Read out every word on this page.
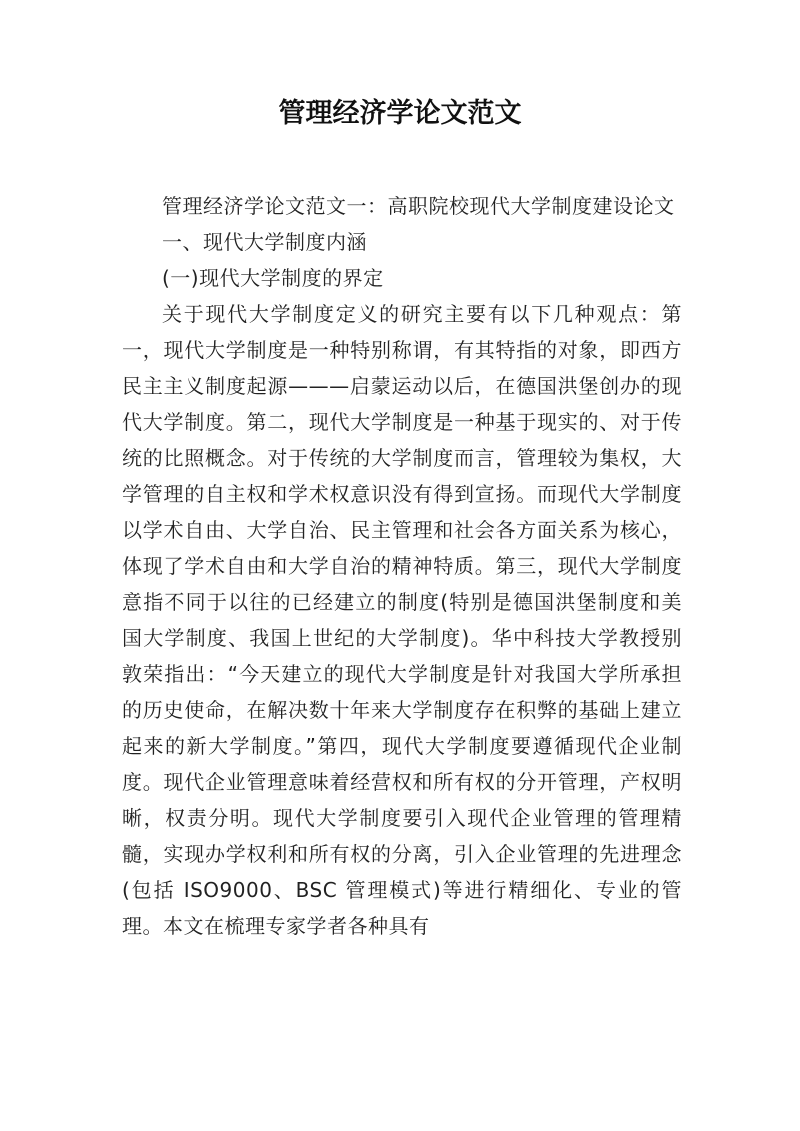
管理经济学论文范文

管理经济学论文范文一：高职院校现代大学制度建设论文

一、现代大学制度内涵

(一)现代大学制度的界定

关于现代大学制度定义的研究主要有以下几种观点：第一，现代大学制度是一种特别称谓，有其特指的对象，即西方民主主义制度起源———启蒙运动以后，在德国洪堡创办的现代大学制度。第二，现代大学制度是一种基于现实的、对于传统的比照概念。对于传统的大学制度而言，管理较为集权，大学管理的自主权和学术权意识没有得到宣扬。而现代大学制度以学术自由、大学自治、民主管理和社会各方面关系为核心，体现了学术自由和大学自治的精神特质。第三，现代大学制度意指不同于以往的已经建立的制度(特别是德国洪堡制度和美国大学制度、我国上世纪的大学制度)。华中科技大学教授别敦荣指出：“今天建立的现代大学制度是针对我国大学所承担的历史使命，在解决数十年来大学制度存在积弊的基础上建立起来的新大学制度。”第四，现代大学制度要遵循现代企业制度。现代企业管理意味着经营权和所有权的分开管理，产权明晰，权责分明。现代大学制度要引入现代企业管理的管理精髓，实现办学权利和所有权的分离，引入企业管理的先进理念(包括 ISO9000、BSC 管理模式)等进行精细化、专业的管理。本文在梳理专家学者各种具有
